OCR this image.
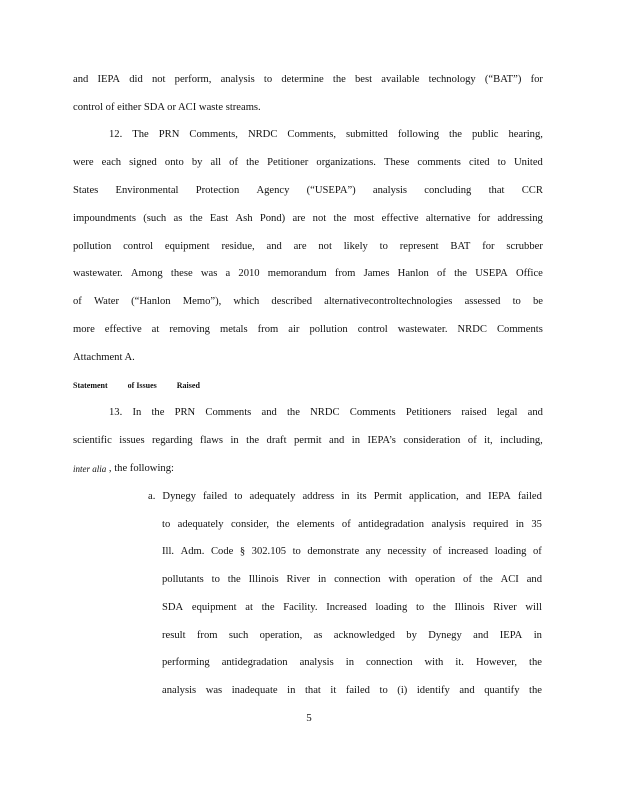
and IEPA did not perform, analysis to determine the best available technology (“BAT”) for
control of either SDA or ACI waste streams.
12. The PRN Comments, NRDC Comments, submitted following the public hearing,
were each signed onto by all of the Petitioner organizations. These comments cited to United
States Environmental Protection Agency (“USEPA”) analysis concluding that CCR
impoundments (such as the East Ash Pond) are not the most effective alternative for addressing
pollution control equipment residue, and are not likely to represent BAT for scrubber
wastewater. Among these was a 2010 memorandum from James Hanlon of the USEPA Office
of Water (“Hanlon Memo”), which described alternativecontroltechnologies assessed to be
more effective at removing metals from air pollution control wastewater. NRDC Comments
Attachment A.
Statement	of Issues	Raised
13. In the PRN Comments and the NRDC Comments Petitioners raised legal and
scientific issues regarding flaws in the draft permit and in IEPA’s consideration of it, including,
inter alia
, the following:
a. Dynegy failed to adequately address in its Permit application, and IEPA failed
to adequately consider, the elements of antidegradation analysis required in 35
Ill. Adm. Code § 302.105 to demonstrate any necessity of increased loading of
pollutants to the Illinois River in connection with operation of the ACI and
SDA equipment at the Facility. Increased loading to the Illinois River will
result from such operation, as acknowledged by Dynegy and IEPA in
performing antidegradation analysis in connection with it. However, the
analysis was inadequate in that it failed to (i) identify and quantify the
5
